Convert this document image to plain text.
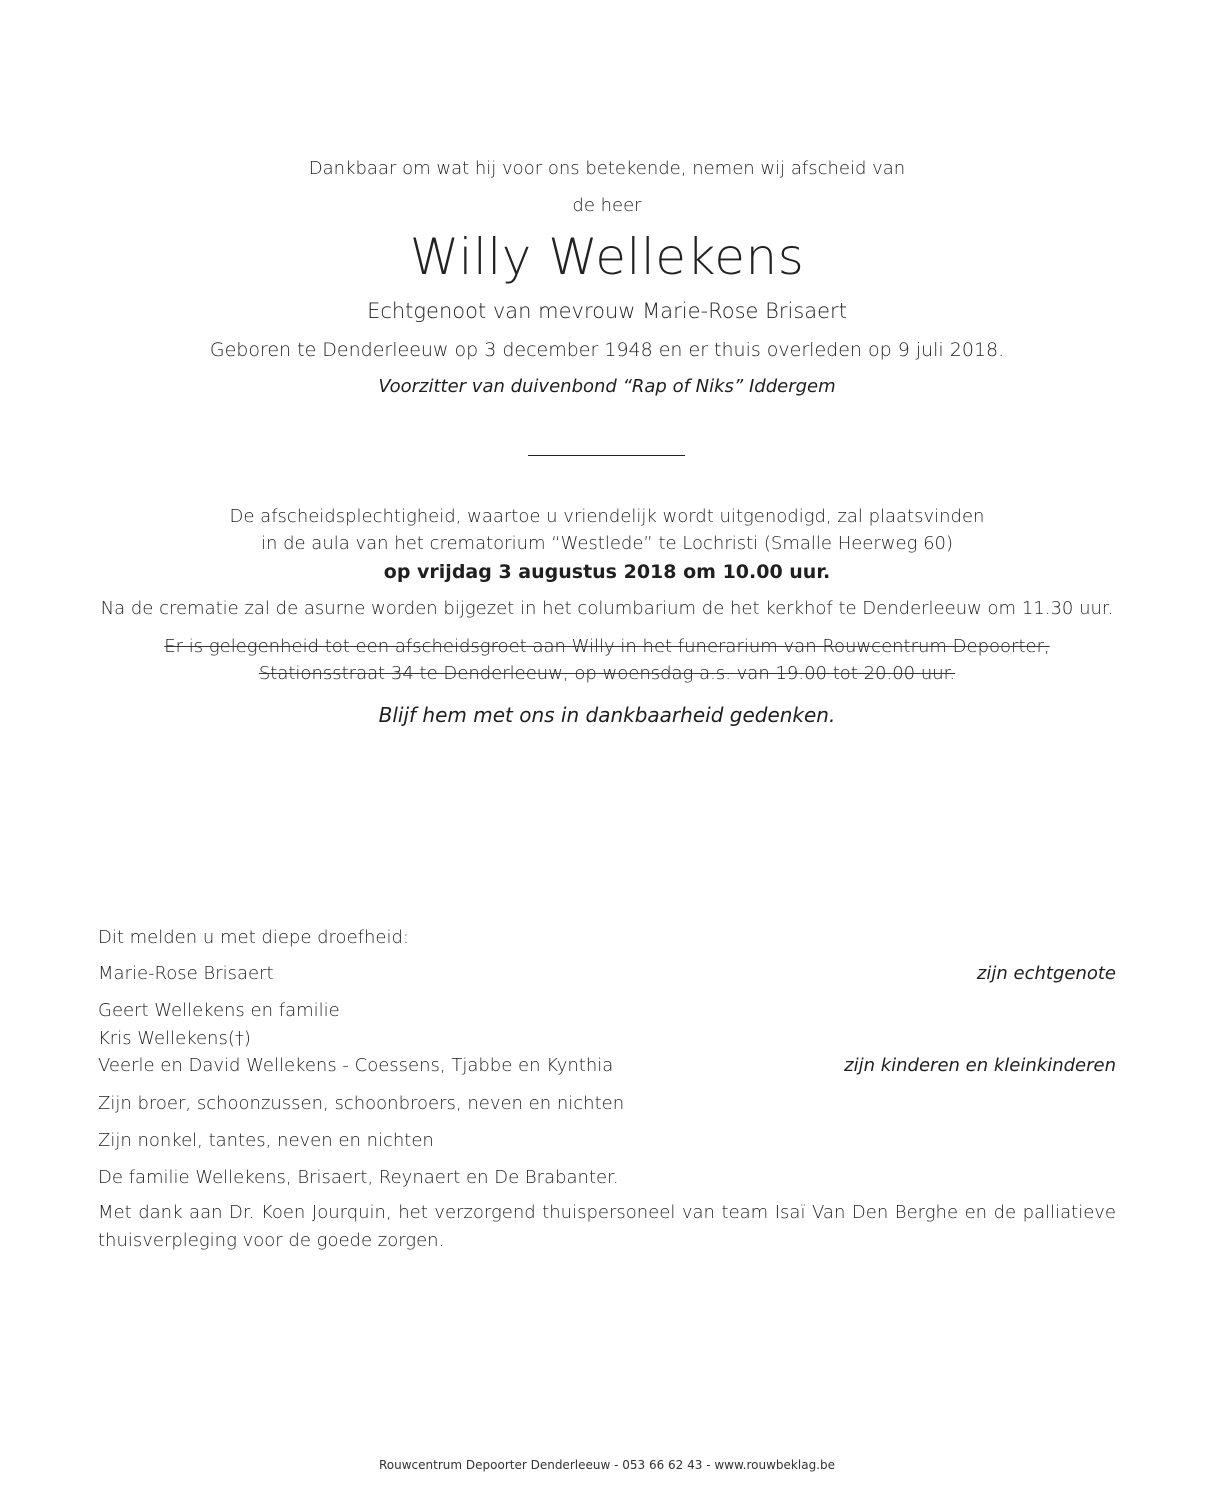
Dankbaar om wat hij voor ons betekende, nemen wij afscheid van
de heer
Willy Wellekens
Echtgenoot van mevrouw Marie-Rose Brisaert
Geboren te Denderleeuw op 3 december 1948 en er thuis overleden op 9 juli 2018.
Voorzitter van duivenbond “Rap of Niks” Iddergem
De afscheidsplechtigheid, waartoe u vriendelijk wordt uitgenodigd, zal plaatsvinden
in de aula van het crematorium “Westlede” te Lochristi (Smalle Heerweg 60)
op vrijdag 3 augustus 2018 om 10.00 uur.
Na de crematie zal de asurne worden bijgezet in het columbarium de het kerkhof te Denderleeuw om 11.30 uur.
Er is gelegenheid tot een afscheidsgroet aan Willy in het funerarium van Rouwcentrum Depoorter,
Stationsstraat 34 te Denderleeuw, op woensdag a.s. van 19.00 tot 20.00 uur.
Blijf hem met ons in dankbaarheid gedenken.
Dit melden u met diepe droefheid:
Marie-Rose Brisaert	zijn echtgenote
Geert Wellekens en familie
Kris Wellekens(†)
Veerle en David Wellekens - Coessens, Tjabbe en Kynthia	zijn kinderen en kleinkinderen
Zijn broer, schoonzussen, schoonbroers, neven en nichten
Zijn nonkel, tantes, neven en nichten
De familie Wellekens, Brisaert, Reynaert en De Brabanter.
Met dank aan Dr. Koen Jourquin, het verzorgend thuispersoneel van team Isaï Van Den Berghe en de palliatieve thuisverpleging voor de goede zorgen.
Rouwcentrum Depoorter Denderleeuw - 053 66 62 43 - www.rouwbeklag.be
